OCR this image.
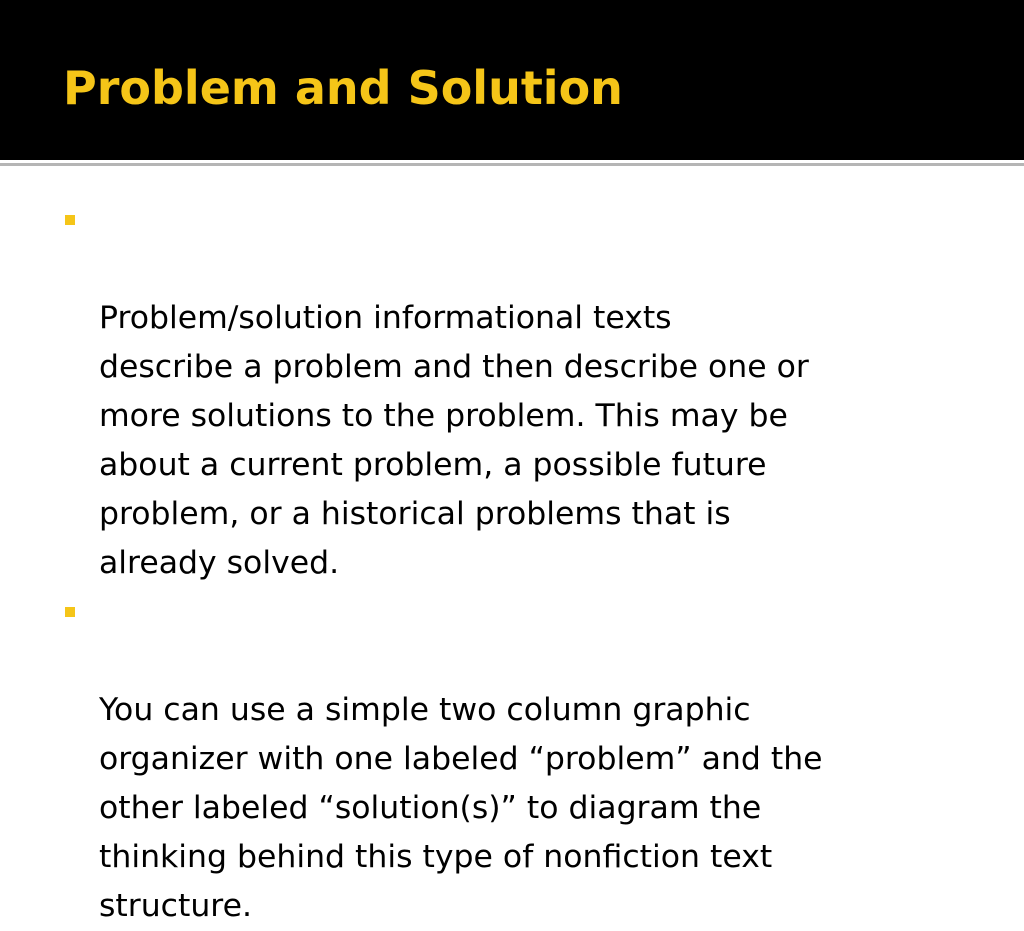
Problem and Solution

Problem/solution informational texts
describe a problem and then describe one or
more solutions to the problem. This may be
about a current problem, a possible future
problem, or a historical problems that is
already solved.

You can use a simple two column graphic
organizer with one labeled “problem” and the
other labeled “solution(s)” to diagram the
thinking behind this type of nonfiction text
structure.
